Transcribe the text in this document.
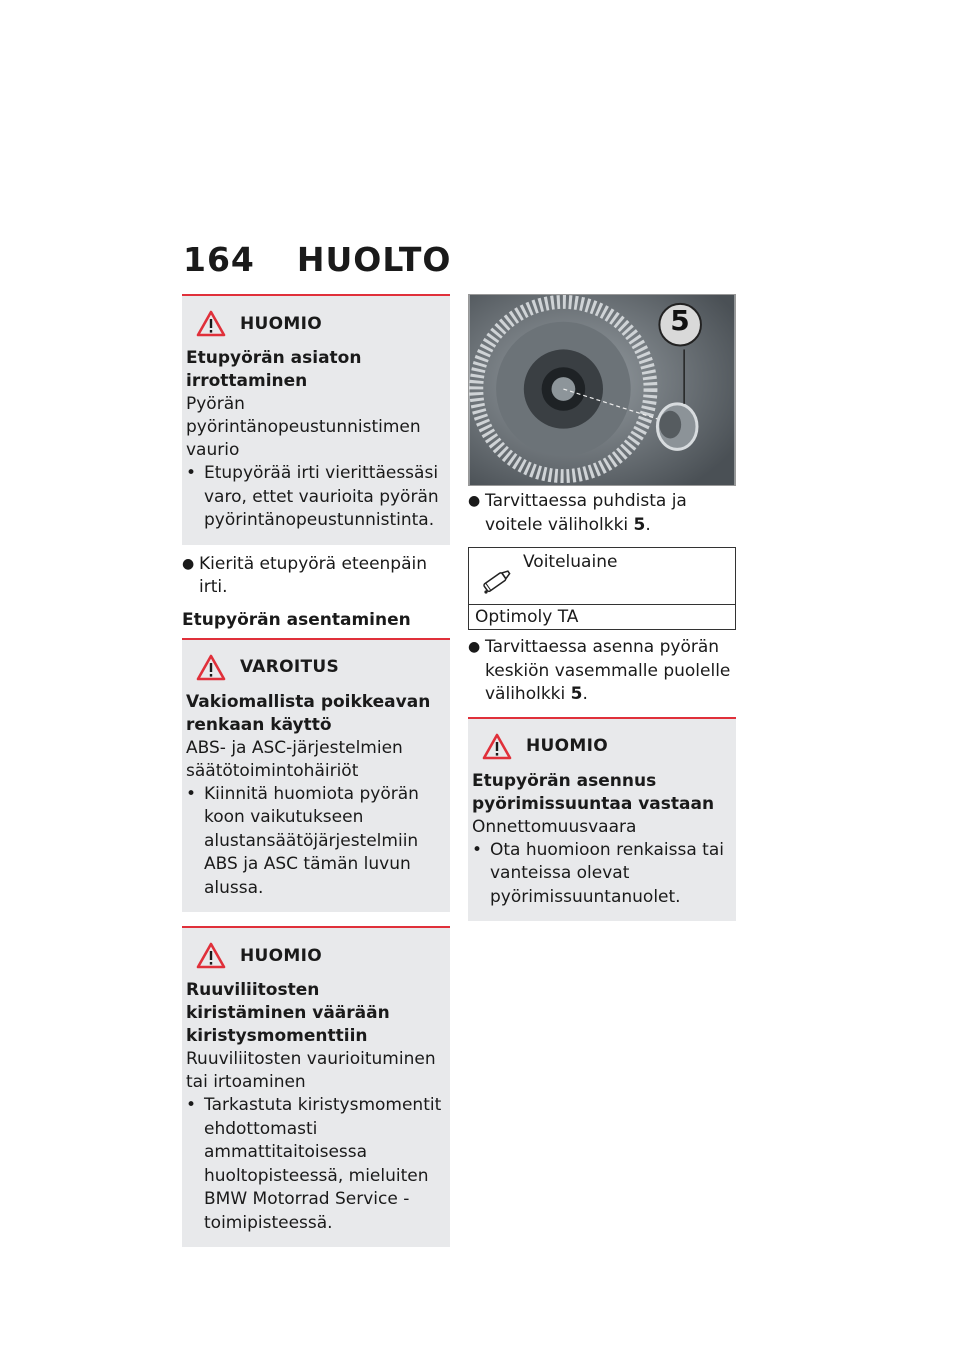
164 HUOLTO
HUOMIO
Etupyörän asiaton irrottaminen
Pyörän pyörintänopeustunnistimen vaurio
• Etupyörää irti vierittäessäsi varo, ettet vaurioita pyörän pyörintänopeustunnistinta.
● Kieritä etupyörä eteenpäin irti.
Etupyörän asentaminen
VAROITUS
Vakiomallista poikkeavan renkaan käyttö
ABS- ja ASC-järjestelmien säätötoimintohäiriöt
• Kiinnitä huomiota pyörän koon vaikutukseen alustansäätöjärjestelmiin ABS ja ASC tämän luvun alussa.
HUOMIO
Ruuviliitosten kiristäminen väärään kiristysmomenttiin
Ruuviliitosten vaurioituminen tai irtoaminen
• Tarkastuta kiristysmomentit ehdottomasti ammattitaitoisessa huoltopisteessä, mieluiten BMW Motorrad Service -toimipisteessä.
5
● Tarvittaessa puhdista ja voitele väliholkki 5.
Voiteluaine
Optimoly TA
● Tarvittaessa asenna pyörän keskiön vasemmalle puolelle väliholkki 5.
HUOMIO
Etupyörän asennus pyörimissuuntaa vastaan
Onnettomuusvaara
• Ota huomioon renkaissa tai vanteissa olevat pyörimissuuntanuolet.
